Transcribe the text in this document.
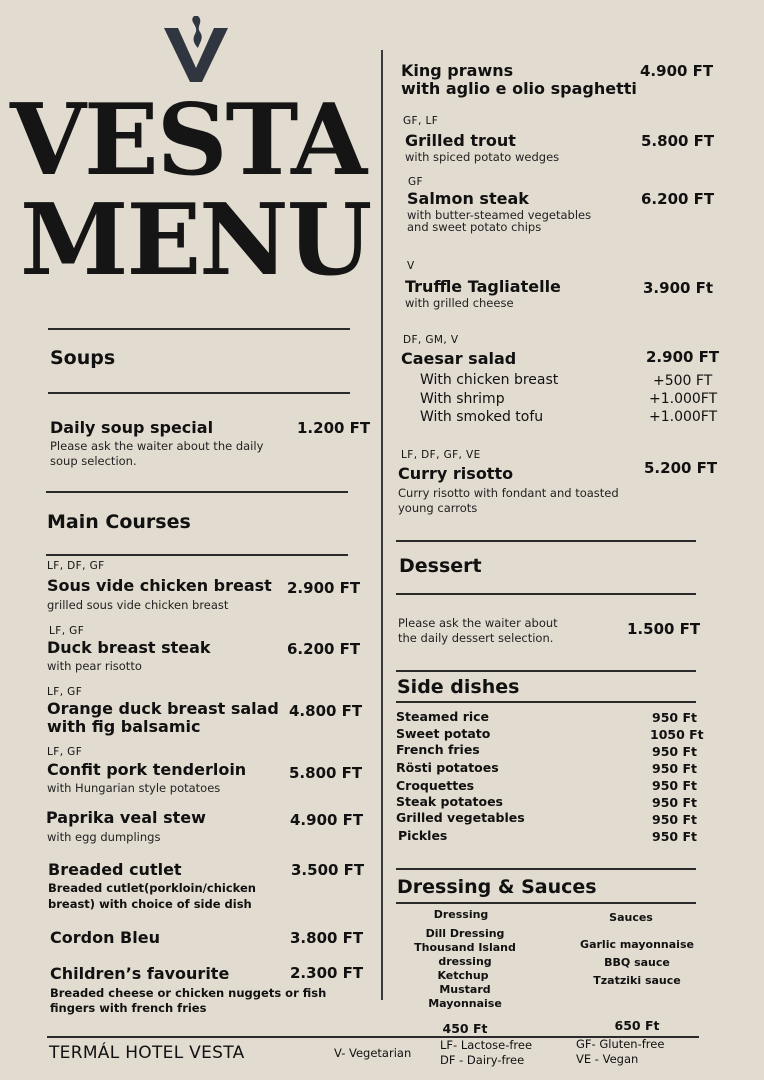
VESTA
MENU
Soups
Daily soup special	1.200 FT
Please ask the waiter about the daily
soup selection.
Main Courses
LF, DF, GF
Sous vide chicken breast 2.900 FT
grilled sous vide chicken breast
LF, GF
Duck breast steak	6.200 FT
with pear risotto
LF, GF
Orange duck breast salad
with fig balsamic
4.800 FT
LF, GF
Confit pork tenderloin	5.800 FT
with Hungarian style potatoes
Paprika veal stew	4.900 FT
with egg dumplings
Breaded cutlet	3.500 FT
Breaded cutlet(porkloin/chicken
breast) with choice of side dish
Cordon Bleu	3.800 FT
Children’s favourite	2.300 FT
Breaded cheese or chicken nuggets or fish
fingers with french fries
King prawns
with aglio e olio spaghetti
4.900 FT
GF, LF
Grilled trout	5.800 FT
with spiced potato wedges
GF
Salmon steak	6.200 FT
with butter-steamed vegetables
and sweet potato chips
V
Truffle Tagliatelle	3.900 Ft
with grilled cheese
DF, GM, V
Caesar salad	2.900 FT
With chicken breast	+500 FT
With shrimp	+1.000FT
With smoked tofu	+1.000FT
LF, DF, GF, VE
Curry risotto	5.200 FT
Curry risotto with fondant and toasted
young carrots
Dessert
Please ask the waiter about
the daily dessert selection.	1.500 FT
Side dishes
Steamed rice	950 Ft
Sweet potato	1050 Ft
French fries	950 Ft
Rösti potatoes	950 Ft
Croquettes	950 Ft
Steak potatoes	950 Ft
Grilled vegetables	950 Ft
Pickles	950 Ft
Dressing & Sauces
Dressing
Dill Dressing
Thousand Island
dressing
Ketchup
Mustard
Mayonnaise
450 Ft
Sauces
Garlic mayonnaise
BBQ sauce
Tzatziki sauce
650 Ft
TERMÁL HOTEL VESTA	V- Vegetarian
LF- Lactose-free
DF - Dairy-free
GF- Gluten-free
VE - Vegan
